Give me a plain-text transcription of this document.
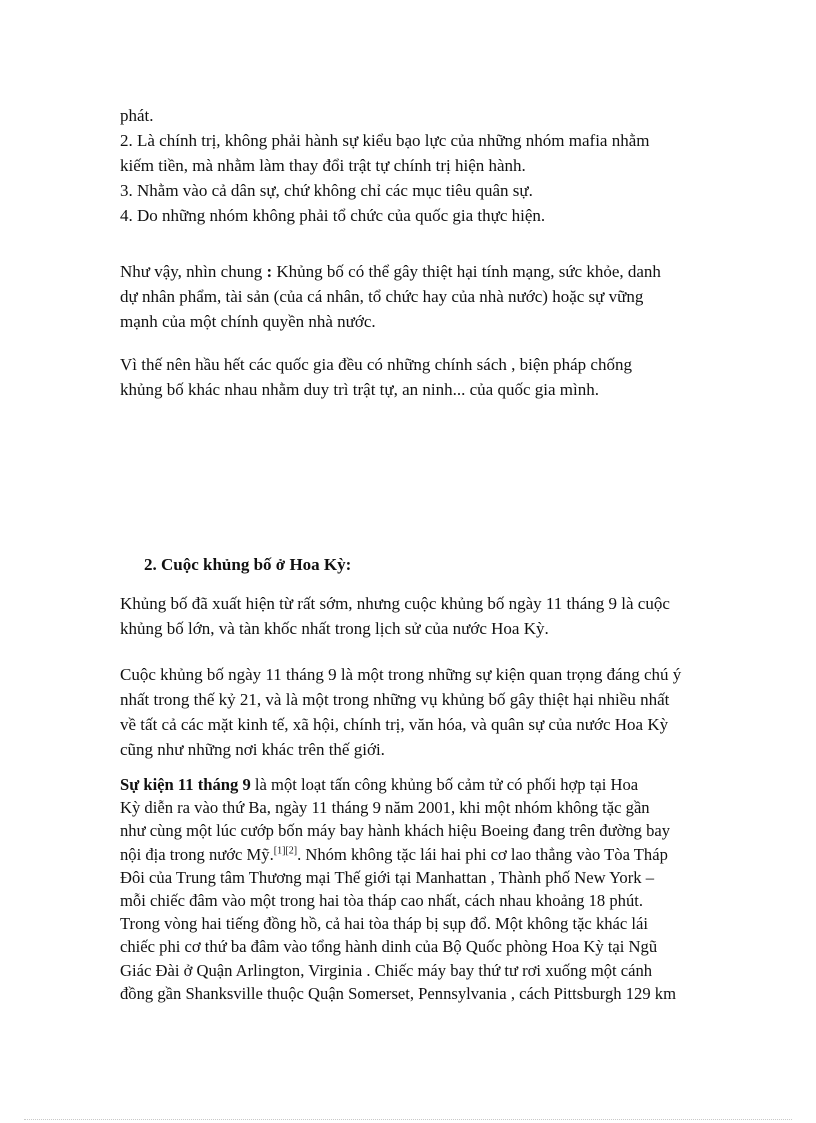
phát.
2. Là chính trị, không phải hành sự kiểu bạo lực của những nhóm mafia nhằm
kiếm tiền, mà nhằm làm thay đổi trật tự chính trị hiện hành.
3. Nhằm vào cả dân sự, chứ không chỉ các mục tiêu quân sự.
4. Do những nhóm không phải tổ chức của quốc gia thực hiện.
Như vậy, nhìn chung : Khủng bố có thể gây thiệt hại tính mạng, sức khỏe, danh
dự nhân phẩm, tài sản (của cá nhân, tổ chức hay của nhà nước) hoặc sự vững
mạnh của một chính quyền nhà nước.
Vì thế nên hầu hết các quốc gia đều có những chính sách , biện pháp chống
khủng bố khác nhau nhằm duy trì trật tự, an ninh... của quốc gia mình.
2. Cuộc khủng bố ở Hoa Kỳ:
Khủng bố đã xuất hiện từ rất sớm, nhưng cuộc khủng bố ngày 11 tháng 9 là cuộc
khủng bố lớn, và tàn khốc nhất trong lịch sử của nước Hoa Kỳ.
Cuộc khủng bố ngày 11 tháng 9 là một trong những sự kiện quan trọng đáng chú ý
nhất trong thế kỷ 21, và là một trong những vụ khủng bố gây thiệt hại nhiều nhất
về tất cả các mặt kinh tế, xã hội, chính trị, văn hóa, và quân sự của nước Hoa Kỳ
cũng như những nơi khác trên thế giới.
Sự kiện 11 tháng 9 là một loạt tấn công khủng bố cảm tử có phối hợp tại Hoa
Kỳ diễn ra vào thứ Ba, ngày 11 tháng 9 năm 2001, khi một nhóm không tặc gần
như cùng một lúc cướp bốn máy bay hành khách hiệu Boeing đang trên đường bay
nội địa trong nước Mỹ.[1][2]. Nhóm không tặc lái hai phi cơ lao thẳng vào Tòa Tháp
Đôi của Trung tâm Thương mại Thế giới tại Manhattan , Thành phố New York –
mỗi chiếc đâm vào một trong hai tòa tháp cao nhất, cách nhau khoảng 18 phút.
Trong vòng hai tiếng đồng hồ, cả hai tòa tháp bị sụp đổ. Một không tặc khác lái
chiếc phi cơ thứ ba đâm vào tổng hành dinh của Bộ Quốc phòng Hoa Kỳ tại Ngũ
Giác Đài ở Quận Arlington, Virginia . Chiếc máy bay thứ tư rơi xuống một cánh
đồng gần Shanksville thuộc Quận Somerset, Pennsylvania , cách Pittsburgh 129 km
